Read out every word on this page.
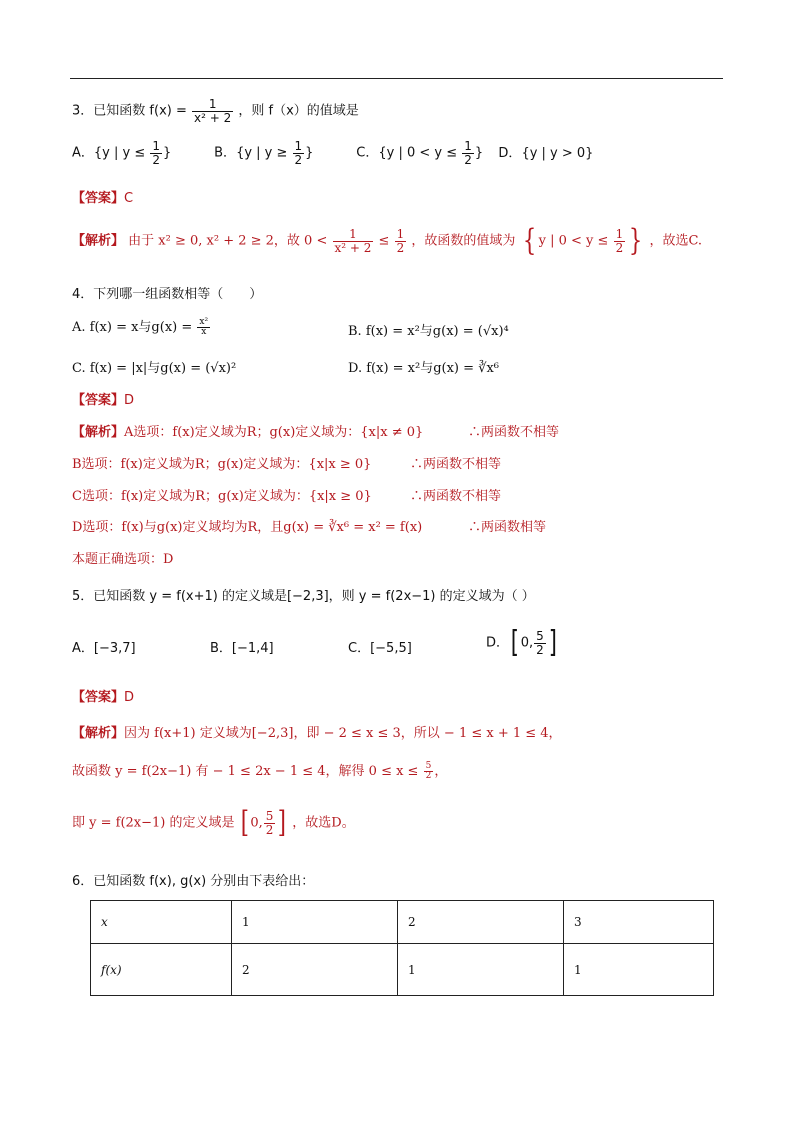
3．已知函数 $f(x) = \frac{1}{\text{x² + 2}}$ ，则 f（x）的值域是
A．{y | $y \le \frac{1}{2}$ }	B．{y | $y \ge \frac{1}{2}$ }	C．{y | $0 < y \le \frac{1}{2}$ } D．{y | y > 0}
【答案】C
【解析】 由于 x² ≥ 0, x² + 2 ≥ 2，故 $0 < \frac{1}{\text{x² + 2}} \le \frac{1}{2}$ ，故函数的值域为 { y | $0 < y \le \frac{1}{2}$ } ，故选C.
4．下列哪一组函数相等（　　）
A. f(x) = x与$g(x) = \frac{\text{x²}}{x}$	B. f(x) = x²与g(x) = (√x)⁴
C. f(x) = |x|与g(x) = (√x)²	D. f(x) = x²与g(x) = ∛x⁶
【答案】D
【解析】A选项：f(x)定义域为R；g(x)定义域为：{x|x ≠ 0}	∴两函数不相等
B选项：f(x)定义域为R；g(x)定义域为：{x|x ≥ 0}	∴两函数不相等
C选项：f(x)定义域为R；g(x)定义域为：{x|x ≥ 0}	∴两函数不相等
D选项：f(x)与g(x)定义域均为R，且g(x) = ∛x⁶ = x² = f(x)	∴两函数相等
本题正确选项：D
5．已知函数 y = f(x+1) 的定义域是[−2,3]，则 y = f(2x−1) 的定义域为（ ）
A．[−3,7]	B．[−1,4]	C．[−5,5]	D．[ 0, $\frac{5}{2}$ ]
【答案】D
【解析】因为 f(x+1) 定义域为[−2,3]，即 − 2 ≤ x ≤ 3，所以 − 1 ≤ x + 1 ≤ 4，
故函数 y = f(2x−1) 有 − 1 ≤ 2x − 1 ≤ 4，解得 $0 \le x \le \frac{5}{2}$ ，
即 y = f(2x−1) 的定义域是 [ 0, $\frac{5}{2}$ ] ，故选D。
6．已知函数 f(x), g(x) 分别由下表给出：
x	1	2	3
f(x)	2	1	1
